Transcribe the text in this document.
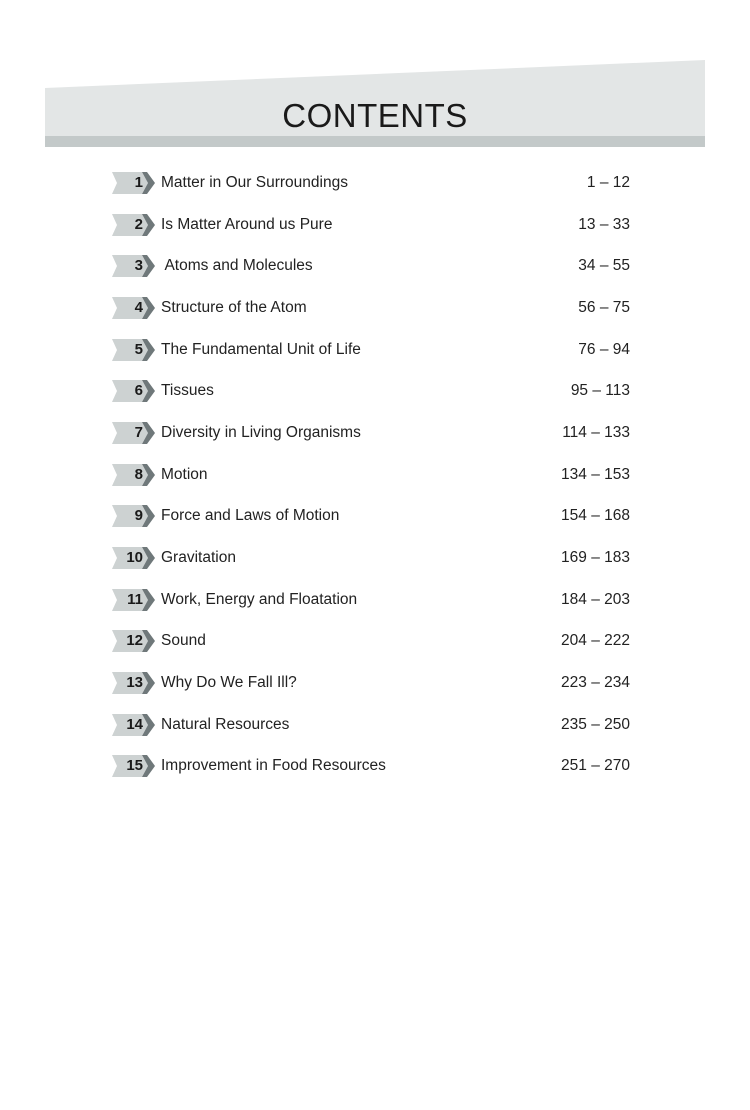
CONTENTS
1 Matter in Our Surroundings	1 – 12
2 Is Matter Around us Pure	13 – 33
3 Atoms and Molecules	34 – 55
4 Structure of the Atom	56 – 75
5 The Fundamental Unit of Life	76 – 94
6 Tissues	95 – 113
7 Diversity in Living Organisms	114 – 133
8 Motion	134 – 153
9 Force and Laws of Motion	154 – 168
10 Gravitation	169 – 183
11 Work, Energy and Floatation	184 – 203
12 Sound	204 – 222
13 Why Do We Fall Ill?	223 – 234
14 Natural Resources	235 – 250
15 Improvement in Food Resources	251 – 270
